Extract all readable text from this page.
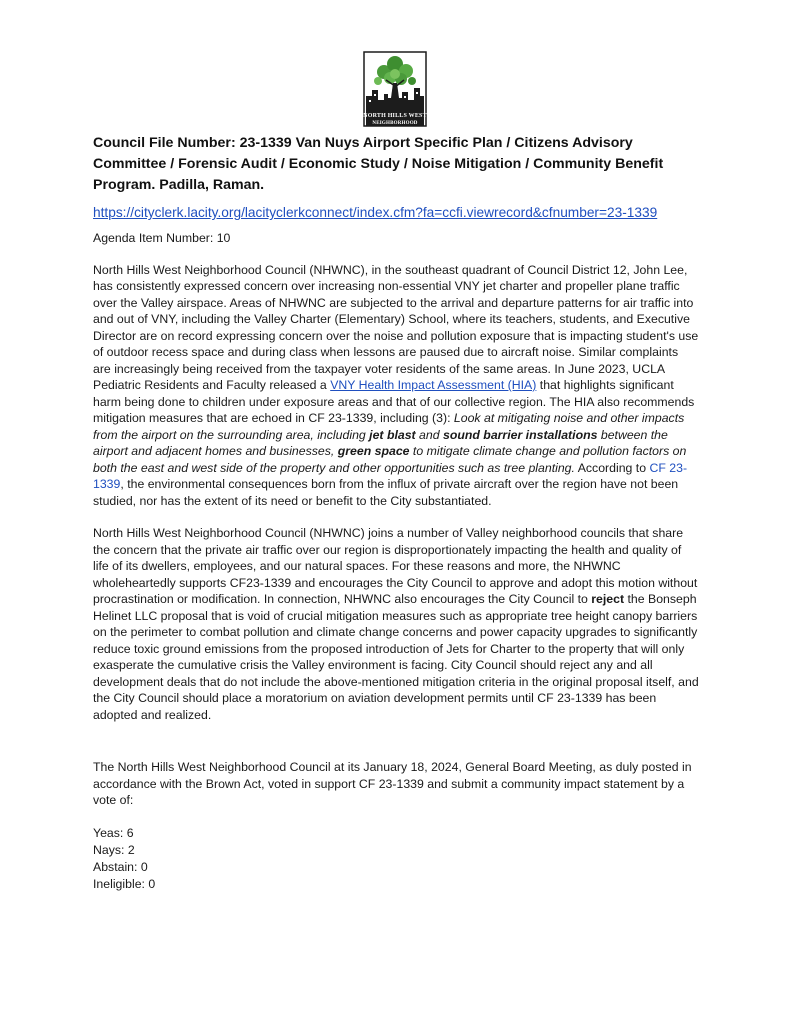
NORTH HILLS WEST
NEIGHBORHOOD COUNCIL
Council File Number: 23-1339 Van Nuys Airport Specific Plan / Citizens Advisory Committee / Forensic Audit / Economic Study / Noise Mitigation / Community Benefit Program. Padilla, Raman.
https://cityclerk.lacity.org/lacityclerkconnect/index.cfm?fa=ccfi.viewrecord&cfnumber=23-1339

Agenda Item Number: 10

North Hills West Neighborhood Council (NHWNC), in the southeast quadrant of Council District 12, John Lee, has consistently expressed concern over increasing non-essential VNY jet charter and propeller plane traffic over the Valley airspace. Areas of NHWNC are subjected to the arrival and departure patterns for air traffic into and out of VNY, including the Valley Charter (Elementary) School, where its teachers, students, and Executive Director are on record expressing concern over the noise and pollution exposure that is impacting student's use of outdoor recess space and during class when lessons are paused due to aircraft noise. Similar complaints are increasingly being received from the taxpayer voter residents of the same areas. In June 2023, UCLA Pediatric Residents and Faculty released a VNY Health Impact Assessment (HIA) that highlights significant harm being done to children under exposure areas and that of our collective region. The HIA also recommends mitigation measures that are echoed in CF 23-1339, including (3): Look at mitigating noise and other impacts from the airport on the surrounding area, including jet blast and sound barrier installations between the airport and adjacent homes and businesses, green space to mitigate climate change and pollution factors on both the east and west side of the property and other opportunities such as tree planting. According to CF 23-1339, the environmental consequences born from the influx of private aircraft over the region have not been studied, nor has the extent of its need or benefit to the City substantiated.

North Hills West Neighborhood Council (NHWNC) joins a number of Valley neighborhood councils that share the concern that the private air traffic over our region is disproportionately impacting the health and quality of life of its dwellers, employees, and our natural spaces. For these reasons and more, the NHWNC wholeheartedly supports CF23-1339 and encourages the City Council to approve and adopt this motion without procrastination or modification. In connection, NHWNC also encourages the City Council to reject the Bonseph Helinet LLC proposal that is void of crucial mitigation measures such as appropriate tree height canopy barriers on the perimeter to combat pollution and climate change concerns and power capacity upgrades to significantly reduce toxic ground emissions from the proposed introduction of Jets for Charter to the property that will only exasperate the cumulative crisis the Valley environment is facing. City Council should reject any and all development deals that do not include the above-mentioned mitigation criteria in the original proposal itself, and the City Council should place a moratorium on aviation development permits until CF 23-1339 has been adopted and realized.

The North Hills West Neighborhood Council at its January 18, 2024, General Board Meeting, as duly posted in accordance with the Brown Act, voted in support CF 23-1339 and submit a community impact statement by a vote of:

Yeas: 6

Nays: 2

Abstain: 0

Ineligible: 0
